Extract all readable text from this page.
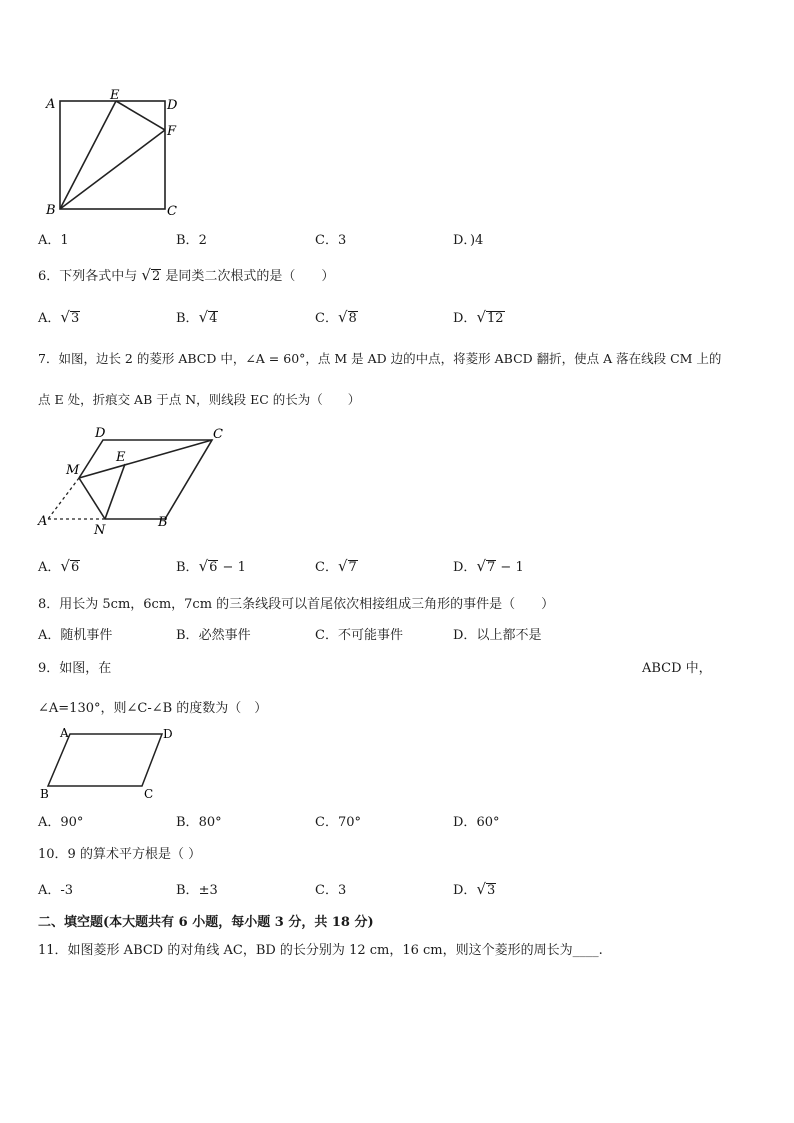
A
E
D
F
B	C
A．1	B．2	C．3	D．)4
6．下列各式中与 √2 是同类二次根式的是（　　）
A．√3	B．√4	C．√8	D．√12
7．如图，边长 2 的菱形 ABCD 中，∠A = 60°，点 M 是 AD 边的中点，将菱形 ABCD 翻折，使点 A 落在线段 CM 上的
点 E 处，折痕交 AB 于点 N，则线段 EC 的长为（　　）
D	C
E
M
A
N
B
A．√6	B．√6 − 1	C．√7	D．√7 − 1
8．用长为 5cm，6cm，7cm 的三条线段可以首尾依次相接组成三角形的事件是（　　）
A．随机事件	B．必然事件	C．不可能事件	D．以上都不是
9．如图，在	ABCD 中，
∠A=130°，则∠C-∠B 的度数为（　）
A	D
B	C
A．90°	B．80°	C．70°	D．60°
10．9 的算术平方根是（ ）
A．-3	B．±3	C．3	D．√3
二、填空题(本大题共有 6 小题，每小题 3 分，共 18 分)
11．如图菱形 ABCD 的对角线 AC，BD 的长分别为 12 cm，16 cm，则这个菱形的周长为____.
